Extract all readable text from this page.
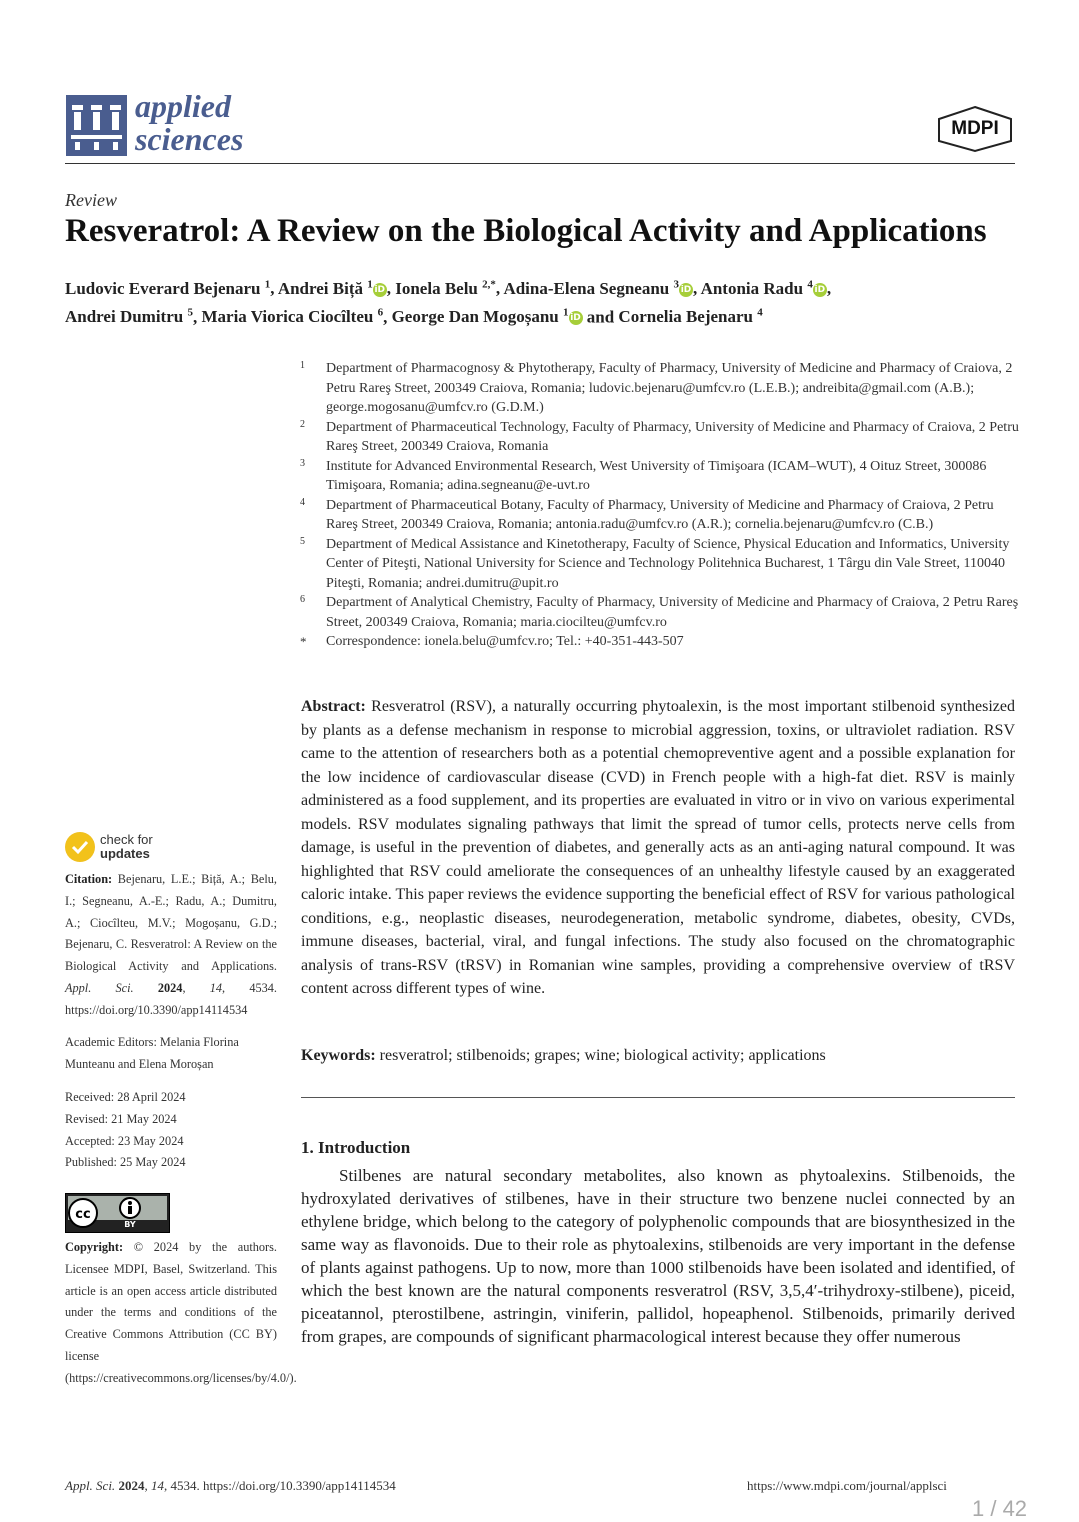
applied
sciences	MDPI
Review
Resveratrol: A Review on the Biological Activity and Applications
Ludovic Everard Bejenaru $^1$, Andrei Biță $^1$ iD , Ionela Belu $^{2,*}$, Adina-Elena Segneanu $^3$ iD , Antonia Radu $^4$ iD ,
Andrei Dumitru $^5$, Maria Viorica Ciocîlteu $^6$, George Dan Mogoșanu $^1$ iD and Cornelia Bejenaru $^4$
1 Department of Pharmacognosy & Phytotherapy, Faculty of Pharmacy, University of Medicine and Pharmacy of Craiova, 2 Petru Rareş Street, 200349 Craiova, Romania; ludovic.bejenaru@umfcv.ro (L.E.B.); andreibita@gmail.com (A.B.); george.mogosanu@umfcv.ro (G.D.M.)
2 Department of Pharmaceutical Technology, Faculty of Pharmacy, University of Medicine and Pharmacy of Craiova, 2 Petru Rareş Street, 200349 Craiova, Romania
3 Institute for Advanced Environmental Research, West University of Timişoara (ICAM–WUT), 4 Oituz Street, 300086 Timişoara, Romania; adina.segneanu@e-uvt.ro
4 Department of Pharmaceutical Botany, Faculty of Pharmacy, University of Medicine and Pharmacy of Craiova, 2 Petru Rareş Street, 200349 Craiova, Romania; antonia.radu@umfcv.ro (A.R.); cornelia.bejenaru@umfcv.ro (C.B.)
5 Department of Medical Assistance and Kinetotherapy, Faculty of Science, Physical Education and Informatics, University Center of Piteşti, National University for Science and Technology Politehnica Bucharest, 1 Târgu din Vale Street, 110040 Piteşti, Romania; andrei.dumitru@upit.ro
6 Department of Analytical Chemistry, Faculty of Pharmacy, University of Medicine and Pharmacy of Craiova, 2 Petru Rareş Street, 200349 Craiova, Romania; maria.ciocilteu@umfcv.ro
* Correspondence: ionela.belu@umfcv.ro; Tel.: +40-351-443-507
Abstract: Resveratrol (RSV), a naturally occurring phytoalexin, is the most important stilbenoid synthesized by plants as a defense mechanism in response to microbial aggression, toxins, or ultraviolet radiation. RSV came to the attention of researchers both as a potential chemopreventive agent and a possible explanation for the low incidence of cardiovascular disease (CVD) in French people with a high-fat diet. RSV is mainly administered as a food supplement, and its properties are evaluated in vitro or in vivo on various experimental models. RSV modulates signaling pathways that limit the spread of tumor cells, protects nerve cells from damage, is useful in the prevention of diabetes, and generally acts as an anti-aging natural compound. It was highlighted that RSV could ameliorate the consequences of an unhealthy lifestyle caused by an exaggerated caloric intake. This paper reviews the evidence supporting the beneficial effect of RSV for various pathological conditions, e.g., neoplastic diseases, neurodegeneration, metabolic syndrome, diabetes, obesity, CVDs, immune diseases, bacterial, viral, and fungal infections. The study also focused on the chromatographic analysis of trans-RSV (tRSV) in Romanian wine samples, providing a comprehensive overview of tRSV content across different types of wine.
Keywords: resveratrol; stilbenoids; grapes; wine; biological activity; applications
1. Introduction
Stilbenes are natural secondary metabolites, also known as phytoalexins. Stilbenoids, the hydroxylated derivatives of stilbenes, have in their structure two benzene nuclei connected by an ethylene bridge, which belong to the category of polyphenolic compounds that are biosynthesized in the same way as flavonoids. Due to their role as phytoalexins, stilbenoids are very important in the defense of plants against pathogens. Up to now, more than 1000 stilbenoids have been isolated and identified, of which the best known are the natural components resveratrol (RSV, 3,5,4′-trihydroxy-stilbene), piceid, piceatannol, pterostilbene, astringin, viniferin, pallidol, hopeaphenol. Stilbenoids, primarily derived from grapes, are compounds of significant pharmacological interest because they offer numerous
check for
updates
Citation: Bejenaru, L.E.; Biță, A.; Belu, I.; Segneanu, A.-E.; Radu, A.; Dumitru, A.; Ciocîlteu, M.V.; Mogoșanu, G.D.; Bejenaru, C. Resveratrol: A Review on the Biological Activity and Applications. Appl. Sci. 2024, 14, 4534. https://doi.org/10.3390/app14114534
Academic Editors: Melania Florina Munteanu and Elena Moroșan
Received: 28 April 2024
Revised: 21 May 2024
Accepted: 23 May 2024
Published: 25 May 2024
cc
BY
Copyright: © 2024 by the authors. Licensee MDPI, Basel, Switzerland. This article is an open access article distributed under the terms and conditions of the Creative Commons Attribution (CC BY) license (https://creativecommons.org/licenses/by/4.0/).
Appl. Sci. 2024, 14, 4534. https://doi.org/10.3390/app14114534	https://www.mdpi.com/journal/applsci
1 / 42
